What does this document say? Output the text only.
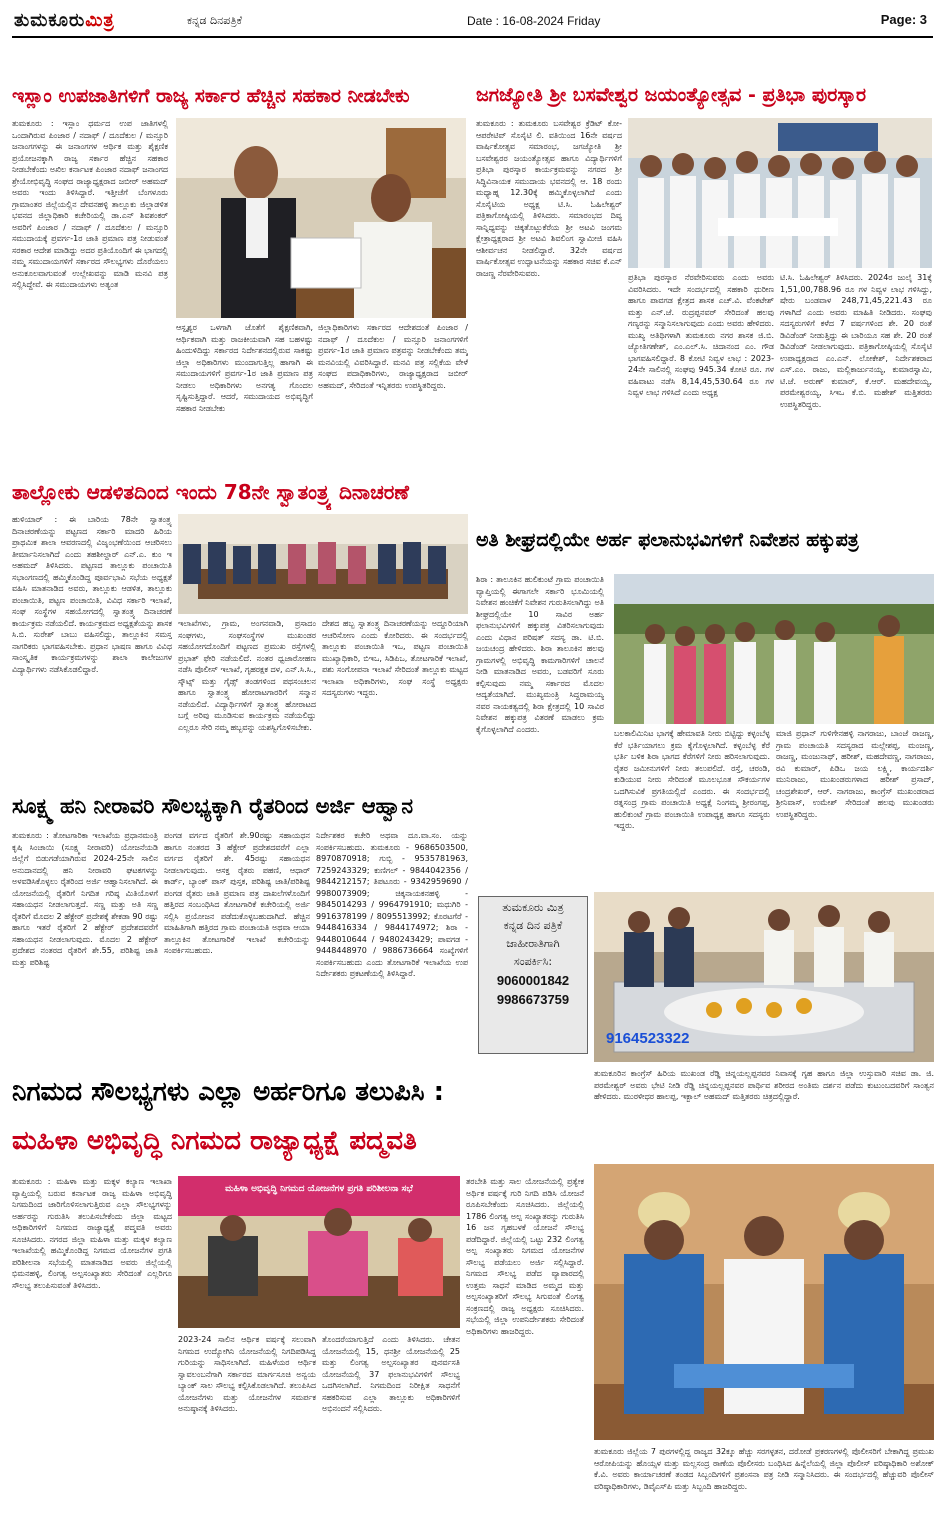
ತುಮಕೂರುಮಿತ್ರ	ಕನ್ನಡ ದಿನಪತ್ರಿಕೆ	Date : 16-08-2024 Friday	Page: 3
ಇಸ್ಲಾಂ ಉಪಜಾತಿಗಳಿಗೆ ರಾಜ್ಯ ಸರ್ಕಾರ ಹೆಚ್ಚಿನ ಸಹಕಾರ ನೀಡಬೇಕು
ತುಮಕೂರು : ಇಸ್ಲಾಂ ಧರ್ಮದ ಉಪ ಜಾತಿಗಳಲ್ಲಿ ಒಂದಾಗಿರುವ ಪಿಂಜಾರ / ನದಾಫ್ / ದೂದೆಕುಲ / ಮನ್ಸೂರಿ ಜನಾಂಗಗಳನ್ನು ಈ ಜನಾಂಗಗಳ ಆರ್ಥಿಕ ಮತ್ತು ಶೈಕ್ಷಣಿಕ ಪ್ರಯೋಜನಕ್ಕಾಗಿ ರಾಜ್ಯ ಸರ್ಕಾರ ಹೆಚ್ಚಿನ ಸಹಕಾರ ನೀಡಬೇಕೆಂದು ಅಖಿಲ ಕರ್ನಾಟಕ ಪಿಂಜಾರ ನದಾಫ್ ಜನಾಂಗದ ಶ್ರೇಯೋಭಿವೃದ್ಧಿ ಸಂಘದ ರಾಜ್ಯಾಧ್ಯಕ್ಷರಾದ ಜಬೀರ್ ಅಹಮದ್ ಅವರು ಇಂದು ತಿಳಿಸಿದ್ದಾರೆ. ಇತ್ತೀಚೆಗೆ ಬೆಂಗಳೂರು ಗ್ರಾಮಾಂತರ ಜಿಲ್ಲೆಯಲ್ಲಿನ ದೇವನಹಳ್ಳಿ ತಾಲ್ಲೂಕು ಜಿಲ್ಲಾಡಳಿತ ಭವನದ ಜಿಲ್ಲಾಧಿಕಾರಿ ಕಚೇರಿಯಲ್ಲಿ ಡಾ.ಎನ್ ಶಿವಶಂಕರ್ ಅವರಿಗೆ ಪಿಂಜಾರ / ನದಾಫ್ / ದೂದೆಕುಲ / ಮನ್ಸೂರಿ ಸಮುದಾಯಕ್ಕೆ ಪ್ರವರ್ಗ-1ರ ಜಾತಿ ಪ್ರಮಾಣ ಪತ್ರ ನೀಡುವಂತೆ ಸರಕಾರ ಆದೇಶ ಮಾಡಿದ್ದು ಅದರ ಪ್ರತಿಯೊಂದಿಗೆ ಈ ಭಾಗದಲ್ಲಿ ನಮ್ಮ ಸಮುದಾಯಗಳಿಗೆ ಸರ್ಕಾರದ ಸೌಲಭ್ಯಗಳು ದೊರೆಯಲು ಅನುಕೂಲವಾಗುವಂತೆ ಉಲ್ಲೇಖವನ್ನು ಮಾಡಿ ಮನವಿ ಪತ್ರ ಸಲ್ಲಿಸಿದ್ದೇವೆ. ಈ ಸಮುದಾಯಗಳು ಅತ್ಯಂತ
ಆಸ್ಪೃಶ್ಯರ ಒಳಗಾಗಿ ಜೊತೆಗೆ ಶೈಕ್ಷಣಿಕವಾಗಿ, ಆರ್ಥಿಕವಾಗಿ ಮತ್ತು ರಾಜಕೀಯವಾಗಿ ಸಹ ಬಹಳಷ್ಟು ಹಿಂದುಳಿದಿದ್ದು ಸರ್ಕಾರದ ನಿರ್ದೇಶನದಲ್ಲಿರುವ ಸಾಕಷ್ಟು ಜಿಲ್ಲಾ ಅಧಿಕಾರಿಗಳು ಮುಂದಾಗುತ್ತಿಲ್ಲ ಹಾಗಾಗಿ ಈ ಸಮುದಾಯಗಳಿಗೆ ಪ್ರವರ್ಗ-1ರ ಜಾತಿ ಪ್ರಮಾಣ ಪತ್ರ ನೀಡಲು ಅಧಿಕಾರಿಗಳು ಅನಗತ್ಯ ಗೊಂದಲ ಸೃಷ್ಟಿಸುತ್ತಿದ್ದಾರೆ. ಆದರೆ, ಸಮುದಾಯದ ಅಭಿವೃದ್ಧಿಗೆ ಸಹಕಾರ ನೀಡಬೇಕು
ಜಿಲ್ಲಾಧಿಕಾರಿಗಳು ಸರ್ಕಾರದ ಆದೇಶದಂತೆ ಪಿಂಜಾರ / ನದಾಫ್ / ದೂದೆಕುಲ / ಮನ್ಸೂರಿ ಜನಾಂಗಗಳಿಗೆ ಪ್ರವರ್ಗ-1ರ ಜಾತಿ ಪ್ರಮಾಣ ಪತ್ರವನ್ನು ನೀಡಬೇಕೆಂದು ತಮ್ಮ ಮನವಿಯಲ್ಲಿ ವಿವರಿಸಿದ್ದಾರೆ. ಮನವಿ ಪತ್ರ ಸಲ್ಲಿಕೆಯ ವೇಳೆ ಸಂಘದ ಪದಾಧಿಕಾರಿಗಳು, ರಾಜ್ಯಾಧ್ಯಕ್ಷರಾದ ಜಬೀರ್ ಅಹಮದ್, ಸೇರಿದಂತೆ ಇನ್ನಿತರರು ಉಪಸ್ಥಿತರಿದ್ದರು.
ಜಗಜ್ಯೋತಿ ಶ್ರೀ ಬಸವೇಶ್ವರ ಜಯಂತ್ಯೋತ್ಸವ - ಪ್ರತಿಭಾ ಪುರಸ್ಕಾರ
ತುಮಕೂರು : ತುಮಕೂರು ಬಸವೇಶ್ವರ ಕ್ರೆಡಿಟ್ ಕೋ-ಆಪರೇಟಿವ್ ಸೊಸೈಟಿ ಲಿ. ವತಿಯಿಂದ 16ನೇ ವರ್ಷದ ವಾರ್ಷಿಕೋತ್ಸವ ಸಮಾರಂಭ, ಜಗಜ್ಯೋತಿ ಶ್ರೀ ಬಸವೇಶ್ವರರ ಜಯಂತ್ಯೋತ್ಸವ ಹಾಗೂ ವಿದ್ಯಾರ್ಥಿಗಳಿಗೆ ಪ್ರತಿಭಾ ಪುರಸ್ಕಾರ ಕಾರ್ಯಕ್ರಮವನ್ನು ನಗರದ ಶ್ರೀ ಸಿದ್ಧಿವಿನಾಯಕ ಸಮುದಾಯ ಭವನದಲ್ಲಿ ಆ. 18 ರಂದು ಮಧ್ಯಾಹ್ನ 12.30ಕ್ಕೆ ಹಮ್ಮಿಕೊಳ್ಳಲಾಗಿದೆ ಎಂದು ಸೊಸೈಟಿಯ ಅಧ್ಯಕ್ಷ ಟಿ.ಸಿ. ಓಹಿಲೇಶ್ವರ್ ಪತ್ರಿಕಾಗೋಷ್ಠಿಯಲ್ಲಿ ತಿಳಿಸಿದರು. ಸಮಾರಂಭದ ದಿವ್ಯ ಸಾನ್ನಿಧ್ಯವನ್ನು ಚಿಕ್ಕತೊಟ್ಲುಕೆರೆಯ ಶ್ರೀ ಅಟವಿ ಜಂಗಮ ಕ್ಷೇತ್ರಾಧ್ಯಕ್ಷರಾದ ಶ್ರೀ ಅಟವಿ ಶಿವಲಿಂಗ ಸ್ವಾಮೀಜಿ ವಹಿಸಿ ಆಶೀರ್ವಚನ ನೀಡಲಿದ್ದಾರೆ. 32ನೇ ವರ್ಷದ ವಾರ್ಷಿಕೋತ್ಸವ ಉದ್ಘಾಟನೆಯನ್ನು ಸಹಕಾರ ಸಚಿವ ಕೆ.ಎನ್ ರಾಜಣ್ಣ ನೆರವೇರಿಸುವರು.	ಪ್ರತಿಭಾ ಪುರಸ್ಕಾರ ನೆರವೇರಿಸುವರು ಎಂದು ಅವರು ವಿವರಿಸಿದರು. ಇದೇ ಸಂದರ್ಭದಲ್ಲಿ ಸಹಕಾರಿ ಧುರೀಣ ಹಾಗೂ ಪಾವಗಡ ಕ್ಷೇತ್ರದ ಶಾಸಕ ಎಚ್.ವಿ. ವೆಂಕಟೇಶ್ ಮತ್ತು ಎನ್.ಜೆ. ರುದ್ರಪ್ಪನವರ್ ಸೇರಿದಂತೆ ಹಲವು ಗಣ್ಯರನ್ನು ಸನ್ಮಾನಿಸಲಾಗುವುದು ಎಂದು ಅವರು ಹೇಳಿದರು. ಮುಖ್ಯ ಅತಿಥಿಗಳಾಗಿ ತುಮಕೂರು ನಗರ ಶಾಸಕ ಜಿ.ಬಿ. ಜ್ಯೋತಿಗಣೇಶ್, ಎಂ.ಎಲ್.ಸಿ. ಚಿದಾನಂದ ಎಂ. ಗೌಡ ಭಾಗವಹಿಸಲಿದ್ದಾರೆ. 8 ಕೋಟಿ ನಿವ್ವಳ ಲಾಭ : 2023-24ನೇ ಸಾಲಿನಲ್ಲಿ ಸಂಘವು 945.34 ಕೋಟಿ ರೂ. ಗಳ ವಹಿವಾಟು ನಡೆಸಿ 8,14,45,530.64 ರೂ ಗಳ ನಿವ್ವಳ ಲಾಭ ಗಳಿಸಿದೆ ಎಂದು ಅಧ್ಯಕ್ಷ
ಟಿ.ಸಿ. ಓಹಿಲೇಶ್ವರ್ ತಿಳಿಸಿದರು. 2024ರ ಜುಲೈ 31ಕ್ಕೆ 1,51,00,788.96 ರೂ ಗಳ ನಿವ್ವಳ ಲಾಭ ಗಳಿಸಿದ್ದು, ಷೇರು ಬಂಡವಾಳ 248,71,45,221.43 ರೂ ಗಳಾಗಿದೆ ಎಂದು ಅವರು ಮಾಹಿತಿ ನೀಡಿದರು. ಸಂಘವು ಸದಸ್ಯರುಗಳಿಗೆ ಕಳೆದ 7 ವರ್ಷಗಳಿಂದ ಶೇ. 20 ರಂತೆ ಡಿವಿಡೆಂಡ್ ನೀಡುತ್ತಿದ್ದು ಈ ಬಾರಿಯೂ ಸಹ ಶೇ. 20 ರಂತೆ ಡಿವಿಡೆಂಡ್ ನೀಡಲಾಗುವುದು. ಪತ್ರಿಕಾಗೋಷ್ಠಿಯಲ್ಲಿ ಸೊಸೈಟಿ ಉಪಾಧ್ಯಕ್ಷರಾದ ಎಂ.ಎನ್. ಲೋಕೇಶ್, ನಿರ್ದೇಶಕರಾದ ಎಸ್.ಎಂ. ರಾಜು, ಮಲ್ಲಿಕಾರ್ಜುನಯ್ಯ, ಕುಮಾರಸ್ವಾಮಿ, ಟಿ.ಜೆ. ಅರುಣ್ ಕುಮಾರ್, ಕೆ.ಆರ್. ಮಹದೇವಯ್ಯ, ಪರಮೇಶ್ವರಯ್ಯ, ಸಿಇಒ ಕೆ.ಬಿ. ಮಹೇಶ್ ಮತ್ತಿತರರು ಉಪಸ್ಥಿತರಿದ್ದರು.
ತಾಲ್ಲೋಕು ಆಡಳಿತದಿಂದ ಇಂದು 78ನೇ ಸ್ವಾತಂತ್ರ್ಯ ದಿನಾಚರಣೆ
ಹುಳಿಯಾರ್ : ಈ ಬಾರಿಯ 78ನೇ ಸ್ವಾತಂತ್ರ್ಯ ದಿನಾಚರಣೆಯನ್ನು ಪಟ್ಟಣದ ಸರ್ಕಾರಿ ಮಾದರಿ ಹಿರಿಯ ಪ್ರಾಥಮಿಕ ಶಾಲಾ ಆವರಣದಲ್ಲಿ ವಿಜೃಂಭಣೆಯಿಂದ ಆಚರಿಸಲು ತೀರ್ಮಾನಿಸಲಾಗಿದೆ ಎಂದು ತಹಶೀಲ್ದಾರ್ ಎನ್.ಎ. ಕುಂ ಇ ಅಹಮದ್ ತಿಳಿಸಿದರು. ಪಟ್ಟಣದ ತಾಲ್ಲೂಕು ಪಂಚಾಯಿತಿ ಸಭಾಂಗಣದಲ್ಲಿ ಹಮ್ಮಿಕೊಂಡಿದ್ದ ಪೂರ್ವಭಾವಿ ಸಭೆಯ ಅಧ್ಯಕ್ಷತೆ ವಹಿಸಿ ಮಾತನಾಡಿದ ಅವರು, ತಾಲ್ಲೂಕು ಆಡಳಿತ, ತಾಲ್ಲೂಕು ಪಂಚಾಯಿತಿ, ಪಟ್ಟಣ ಪಂಚಾಯಿತಿ, ವಿವಿಧ ಸರ್ಕಾರಿ ಇಲಾಖೆ, ಸಂಘ ಸಂಸ್ಥೆಗಳ ಸಹಯೋಗದಲ್ಲಿ ಸ್ವಾತಂತ್ರ್ಯ ದಿನಾಚರಣೆ ಕಾರ್ಯಕ್ರಮ ನಡೆಯಲಿದೆ. ಕಾರ್ಯಕ್ರಮದ ಅಧ್ಯಕ್ಷತೆಯನ್ನು ಶಾಸಕ ಸಿ.ಬಿ. ಸುರೇಶ್ ಬಾಬು ವಹಿಸಲಿದ್ದು, ತಾಲ್ಲೂಕಿನ ಸಮಸ್ತ ನಾಗರಿಕರು ಭಾಗವಹಿಸಬೇಕು. ಪ್ರಧಾನ ಭಾಷಣ ಹಾಗೂ ವಿವಿಧ ಸಾಂಸ್ಕೃತಿಕ ಕಾರ್ಯಕ್ರಮಗಳನ್ನು ಶಾಲಾ ಕಾಲೇಜುಗಳ ವಿದ್ಯಾರ್ಥಿಗಳು ನಡೆಸಿಕೊಡಲಿದ್ದಾರೆ.
ಇಲಾಖೆಗಳು, ಗ್ರಾಮ, ಅಂಗನವಾಡಿ, ಪ್ರಸಾದಂ ಸಂಘಗಳು, ಸಂಘಸಂಸ್ಥೆಗಳ ಮುಖಂಡರ ಸಹಯೋಗದೊಂದಿಗೆ ಪಟ್ಟಣದ ಪ್ರಮುಖ ರಸ್ತೆಗಳಲ್ಲಿ ಪ್ರಭಾತ್ ಫೇರಿ ನಡೆಯಲಿದೆ. ನಂತರ ಧ್ವಜಾರೋಹಣ ನಡೆಸಿ ಪೊಲೀಸ್ ಇಲಾಖೆ, ಗೃಹರಕ್ಷಕ ದಳ, ಎನ್.ಸಿ.ಸಿ., ಸ್ಕೌಟ್ಸ್ ಮತ್ತು ಗೈಡ್ಸ್ ತಂಡಗಳಿಂದ ಪಥಸಂಚಲನ ಹಾಗೂ ಸ್ವಾತಂತ್ರ್ಯ ಹೋರಾಟಗಾರರಿಗೆ ಸನ್ಮಾನ ನಡೆಯಲಿದೆ. ವಿದ್ಯಾರ್ಥಿಗಳಿಗೆ ಸ್ವಾತಂತ್ರ್ಯ ಹೋರಾಟದ ಬಗ್ಗೆ ಅರಿವು ಮೂಡಿಸುವ ಕಾರ್ಯಕ್ರಮ ನಡೆಯಲಿದ್ದು ಎಲ್ಲರೂ ಸೇರಿ ನಮ್ಮ ಹಬ್ಬವನ್ನು ಯಶಸ್ವಿಗೊಳಿಸಬೇಕು.
ದೇಶದ ಹಬ್ಬ ಸ್ವಾತಂತ್ರ್ಯ ದಿನಾಚರಣೆಯನ್ನು ಅದ್ದೂರಿಯಾಗಿ ಆಚರಿಸೋಣ ಎಂದು ಕೋರಿದರು. ಈ ಸಂದರ್ಭದಲ್ಲಿ ತಾಲ್ಲೂಕು ಪಂಚಾಯಿತಿ ಇಒ, ಪಟ್ಟಣ ಪಂಚಾಯಿತಿ ಮುಖ್ಯಾಧಿಕಾರಿ, ಬಿಇಒ, ಸಿಡಿಪಿಒ, ತೋಟಗಾರಿಕೆ ಇಲಾಖೆ, ಪಶು ಸಂಗೋಪನಾ ಇಲಾಖೆ ಸೇರಿದಂತೆ ತಾಲ್ಲೂಕು ಮಟ್ಟದ ಇಲಾಖಾ ಅಧಿಕಾರಿಗಳು, ಸಂಘ ಸಂಸ್ಥೆ ಅಧ್ಯಕ್ಷರು ಸದಸ್ಯರುಗಳು ಇದ್ದರು.
ಅತಿ ಶೀಘ್ರದಲ್ಲಿಯೇ ಅರ್ಹ ಫಲಾನುಭವಿಗಳಿಗೆ ನಿವೇಶನ ಹಕ್ಕುಪತ್ರ
ಶಿರಾ : ತಾಲೂಕಿನ ಹುಲಿಕುಂಟೆ ಗ್ರಾಮ ಪಂಚಾಯಿತಿ ವ್ಯಾಪ್ತಿಯಲ್ಲಿ ಈಗಾಗಲೇ ಸರ್ಕಾರಿ ಭೂಮಿಯಲ್ಲಿ ನಿವೇಶನ ಹಂಚಿಕೆಗೆ ನಿವೇಶನ ಗುರುತಿಸಲಾಗಿದ್ದು ಅತಿ ಶೀಘ್ರದಲ್ಲಿಯೇ 10 ಸಾವಿರ ಅರ್ಹ ಫಲಾನುಭವಿಗಳಿಗೆ ಹಕ್ಕುಪತ್ರ ವಿತರಿಸಲಾಗುವುದು ಎಂದು ವಿಧಾನ ಪರಿಷತ್ ಸದಸ್ಯ ಡಾ. ಟಿ.ಬಿ. ಜಯಚಂದ್ರ ಹೇಳಿದರು. ಶಿರಾ ತಾಲೂಕಿನ ಹಲವು ಗ್ರಾಮಗಳಲ್ಲಿ ಅಭಿವೃದ್ಧಿ ಕಾಮಗಾರಿಗಳಿಗೆ ಚಾಲನೆ ನೀಡಿ ಮಾತನಾಡಿದ ಅವರು, ಬಡವರಿಗೆ ಸೂರು ಕಲ್ಪಿಸುವುದು ನಮ್ಮ ಸರ್ಕಾರದ ಮೊದಲ ಆದ್ಯತೆಯಾಗಿದೆ. ಮುಖ್ಯಮಂತ್ರಿ ಸಿದ್ದರಾಮಯ್ಯ ನವರ ನಾಯಕತ್ವದಲ್ಲಿ ಶಿರಾ ಕ್ಷೇತ್ರದಲ್ಲಿ 10 ಸಾವಿರ ನಿವೇಶನ ಹಕ್ಕುಪತ್ರ ವಿತರಣೆ ಮಾಡಲು ಕ್ರಮ ಕೈಗೊಳ್ಳಲಾಗಿದೆ ಎಂದರು.	ಬಲಕಾಲಿಮಿನಿಟ ಭಾಗಕ್ಕೆ ಹೇಮಾವತಿ ನೀರು ಬಿಟ್ಟಿದ್ದು ಕಳ್ಳಂಬೆಳ್ಳ ಕೆರೆ ಭರ್ತಿಯಾಗಲು ಕ್ರಮ ಕೈಗೊಳ್ಳಲಾಗಿದೆ. ಕಳ್ಳಂಬೆಳ್ಳ ಕೆರೆ ಭರ್ತಿ ಬಳಿಕ ಶಿರಾ ಭಾಗದ ಕೆರೆಗಳಿಗೆ ನೀರು ಹರಿಸಲಾಗುವುದು. ರೈತರ ಜಮೀನುಗಳಿಗೆ ನೀರು ತಲುಪಲಿದೆ. ರಸ್ತೆ, ಚರಂಡಿ, ಕುಡಿಯುವ ನೀರು ಸೇರಿದಂತೆ ಮೂಲಭೂತ ಸೌಕರ್ಯಗಳ ಒದಗಿಸುವಿಕೆ ಪ್ರಗತಿಯಲ್ಲಿದೆ ಎಂದರು. ಈ ಸಂದರ್ಭದಲ್ಲಿ ರತ್ನಸಂದ್ರ ಗ್ರಾಮ ಪಂಚಾಯಿತಿ ಅಧ್ಯಕ್ಷೆ ನಿಂಗಮ್ಮ ಶ್ರೀರಂಗಪ್ಪ, ಹುಲಿಕುಂಟೆ ಗ್ರಾಮ ಪಂಚಾಯಿತಿ ಉಪಾಧ್ಯಕ್ಷ ಹಾಗೂ ಸದಸ್ಯರು ಇದ್ದರು.
ಮಾಜಿ ಪ್ರಧಾನ್ ಗುಳಿಗೇನಹಳ್ಳಿ ನಾಗರಾಜು, ಬಾಂಜೆ ರಾಜಣ್ಣ, ಗ್ರಾಮ ಪಂಚಾಯತಿ ಸದಸ್ಯರಾದ ಮಲ್ಲೇಶಪ್ಪ, ಮಂಜಣ್ಣ, ರಾಜಣ್ಣ, ಮಂಜುನಾಥ್, ಹರೀಶ್, ಮಹದೇವಣ್ಣ, ನಾಗರಾಜು, ರವಿ ಕುಮಾರ್, ಪಿಡಿಒ ಜಯ ಲಕ್ಷ್ಮಿ, ಕಾರ್ಯದರ್ಶಿ ಮುನಿರಾಜು, ಮುಖಂಡರುಗಳಾದ ಹರೀಶ್ ಪ್ರಸಾದ್, ಚಂದ್ರಶೇಖರ್, ಆರ್. ನಾಗರಾಜು, ಕಾಂಗ್ರೆಸ್ ಮುಖಂಡರಾದ ಶ್ರೀನಿವಾಸ್, ಉಮೇಶ್ ಸೇರಿದಂತೆ ಹಲವು ಮುಖಂಡರು ಉಪಸ್ಥಿತರಿದ್ದರು.
ಸೂಕ್ಷ್ಮ ಹನಿ ನೀರಾವರಿ ಸೌಲಭ್ಯಕ್ಕಾಗಿ ರೈತರಿಂದ ಅರ್ಜಿ ಆಹ್ವಾನ
ತುಮಕೂರು : ತೋಟಗಾರಿಕಾ ಇಲಾಖೆಯ ಪ್ರಧಾನಮಂತ್ರಿ ಕೃಷಿ ಸಿಂಚಾಯಿ (ಸೂಕ್ಷ್ಮ ನೀರಾವರಿ) ಯೋಜನೆಯಡಿ ಜಿಲ್ಲೆಗೆ ಬಿಡುಗಡೆಯಾಗಿರುವ 2024-25ನೇ ಸಾಲಿನ ಅನುದಾನದಲ್ಲಿ ಹನಿ ನೀರಾವರಿ ಘಟಕಗಳನ್ನು ಅಳವಡಿಸಿಕೊಳ್ಳಲು ರೈತರಿಂದ ಅರ್ಜಿ ಆಹ್ವಾನಿಸಲಾಗಿದೆ. ಈ ಯೋಜನೆಯಲ್ಲಿ ರೈತರಿಗೆ ನಿಗದಿತ ಗರಿಷ್ಠ ಮಿತಿಯೊಳಗೆ ಸಹಾಯಧನ ನೀಡಲಾಗುತ್ತದೆ. ಸಣ್ಣ ಮತ್ತು ಅತಿ ಸಣ್ಣ ರೈತರಿಗೆ ಮೊದಲ 2 ಹೆಕ್ಟೇರ್ ಪ್ರದೇಶಕ್ಕೆ ಶೇಕಡಾ 90 ರಷ್ಟು ಹಾಗೂ ಇತರೆ ರೈತರಿಗೆ 2 ಹೆಕ್ಟೇರ್ ಪ್ರದೇಶದವರೆಗೆ ಸಹಾಯಧನ ನೀಡಲಾಗುವುದು. ಮೊದಲ 2 ಹೆಕ್ಟೇರ್ ಪ್ರದೇಶದ ನಂತರದ ರೈತರಿಗೆ ಶೇ.55, ಪರಿಶಿಷ್ಟ ಜಾತಿ ಮತ್ತು ಪರಿಶಿಷ್ಟ
ಪಂಗಡ ವರ್ಗದ ರೈತರಿಗೆ ಶೇ.90ರಷ್ಟು ಸಹಾಯಧನ ಹಾಗೂ ನಂತರದ 3 ಹೆಕ್ಟೇರ್ ಪ್ರದೇಶದವರೆಗೆ ಎಲ್ಲಾ ವರ್ಗದ ರೈತರಿಗೆ ಶೇ. 45ರಷ್ಟು ಸಹಾಯಧನ ನೀಡಲಾಗುವುದು. ಆಸಕ್ತ ರೈತರು ಪಹಣಿ, ಆಧಾರ್ ಕಾರ್ಡ್, ಬ್ಯಾಂಕ್ ಪಾಸ್ ಪುಸ್ತಕ, ಪರಿಶಿಷ್ಟ ಜಾತಿ/ಪರಿಶಿಷ್ಟ ಪಂಗಡ ರೈತರು ಜಾತಿ ಪ್ರಮಾಣ ಪತ್ರ ದಾಖಲೆಗಳೊಂದಿಗೆ ಹತ್ತಿರದ ಸಂಬಂಧಿಸಿದ ತೋಟಗಾರಿಕೆ ಕಚೇರಿಯಲ್ಲಿ ಅರ್ಜಿ ಸಲ್ಲಿಸಿ ಪ್ರಯೋಜನ ಪಡೆದುಕೊಳ್ಳಬಹುದಾಗಿದೆ. ಹೆಚ್ಚಿನ ಮಾಹಿತಿಗಾಗಿ ಹತ್ತಿರದ ಗ್ರಾಮ ಪಂಚಾಯತಿ ಅಥವಾ ಆಯಾ ತಾಲ್ಲೂಕಿನ ತೋಟಗಾರಿಕೆ ಇಲಾಖೆ ಕಚೇರಿಯನ್ನು ಸಂಪರ್ಕಿಸಬಹುದು.
ನಿರ್ದೇಶಕರ ಕಚೇರಿ ಅಥವಾ ದೂ.ವಾ.ಸಂ. ಯನ್ನು ಸಂಪರ್ಕಿಸಬಹುದು. ತುಮಕೂರು - 9686503500, 8970870918; ಗುಬ್ಬಿ - 9535781963, 7259243329; ಕುಣಿಗಲ್ - 9844042356 / 9844212157; ತಿಪಟೂರು - 9342959690 / 9980073909; ಚಿಕ್ಕನಾಯಕನಹಳ್ಳಿ - 9845014293 / 9964791910; ಮಧುಗಿರಿ - 9916378199 / 8095513992; ಕೊರಟಗೆರೆ - 9448416334 / 9844174972; ಶಿರಾ - 9448010644 / 9480243429; ಪಾವಗಡ - 9448448970 / 9886736664 ಸಂಖ್ಯೆಗಳಿಗೆ ಸಂಪರ್ಕಿಸಬಹುದು ಎಂದು ತೋಟಗಾರಿಕೆ ಇಲಾಖೆಯ ಉಪ ನಿರ್ದೇಶಕರು ಪ್ರಕಟಣೆಯಲ್ಲಿ ತಿಳಿಸಿದ್ದಾರೆ.
ತುಮಕೂರು ಮಿತ್ರ
ಕನ್ನಡ ದಿನ ಪತ್ರಿಕೆ
ಜಾಹೀರಾತಿಗಾಗಿ
ಸಂಪರ್ಕಿಸಿ:
9060001842
9986673759
9164523322
ತುಮಕೂರಿನ ಕಾಂಗ್ರೆಸ್ ಹಿರಿಯ ಮುಖಂಡ ರೆಡ್ಡಿ ಚಿನ್ನಯಲ್ಲಪ್ಪನವರ ನಿವಾಸಕ್ಕೆ ಗೃಹ ಹಾಗೂ ಜಿಲ್ಲಾ ಉಸ್ತುವಾರಿ ಸಚಿವ ಡಾ. ಜಿ. ಪರಮೇಶ್ವರ್ ಅವರು ಭೇಟಿ ನೀಡಿ ರೆಡ್ಡಿ ಚಿನ್ನಯಲ್ಲಪ್ಪನವರ ಪಾರ್ಥಿವ ಶರೀರದ ಅಂತಿಮ ದರ್ಶನ ಪಡೆದು ಕುಟುಂಬದವರಿಗೆ ಸಾಂತ್ವನ ಹೇಳಿದರು. ಮುರಳೀಧರ ಹಾಲಪ್ಪ, ಇಕ್ಬಾಲ್ ಅಹಮದ್ ಮತ್ತಿತರರು ಚಿತ್ರದಲ್ಲಿದ್ದಾರೆ.
ನಿಗಮದ ಸೌಲಭ್ಯಗಳು ಎಲ್ಲಾ ಅರ್ಹರಿಗೂ ತಲುಪಿಸಿ :
ಮಹಿಳಾ ಅಭಿವೃದ್ಧಿ ನಿಗಮದ ರಾಜ್ಯಾಧ್ಯಕ್ಷೆ ಪದ್ಮವತಿ
ತುಮಕೂರು : ಮಹಿಳಾ ಮತ್ತು ಮಕ್ಕಳ ಕಲ್ಯಾಣ ಇಲಾಖಾ ವ್ಯಾಪ್ತಿಯಲ್ಲಿ ಬರುವ ಕರ್ನಾಟಕ ರಾಜ್ಯ ಮಹಿಳಾ ಅಭಿವೃದ್ಧಿ ನಿಗಮದಿಂದ ಜಾರಿಗೊಳಿಸಲಾಗುತ್ತಿರುವ ಎಲ್ಲಾ ಸೌಲಭ್ಯಗಳನ್ನು ಅರ್ಹರನ್ನು ಗುರುತಿಸಿ ತಲುಪಿಸಬೇಕೆಂದು ಜಿಲ್ಲಾ ಮಟ್ಟದ ಅಧಿಕಾರಿಗಳಿಗೆ ನಿಗಮದ ರಾಜ್ಯಾಧ್ಯಕ್ಷೆ ಪದ್ಮವತಿ ಅವರು ಸೂಚಿಸಿದರು. ನಗರದ ಜಿಲ್ಲಾ ಮಹಿಳಾ ಮತ್ತು ಮಕ್ಕಳ ಕಲ್ಯಾಣ ಇಲಾಖೆಯಲ್ಲಿ ಹಮ್ಮಿಕೊಂಡಿದ್ದ ನಿಗಮದ ಯೋಜನೆಗಳ ಪ್ರಗತಿ ಪರಿಶೀಲನಾ ಸಭೆಯಲ್ಲಿ ಮಾತನಾಡಿದ ಅವರು ಜಿಲ್ಲೆಯಲ್ಲಿ ಭಿಮನಹಳ್ಳಿ, ಲಿಂಗತ್ವ ಅಲ್ಪಸಂಖ್ಯಾತರು ಸೇರಿದಂತೆ ಎಲ್ಲರಿಗೂ ಸೌಲಭ್ಯ ತಲುಪಿಸುವಂತೆ ತಿಳಿಸಿದರು.
ಮಹಿಳಾ ಅಭಿವೃದ್ಧಿ ನಿಗಮದ ಯೋಜನೆಗಳ ಪ್ರಗತಿ ಪರಿಶೀಲನಾ ಸಭೆ
2023-24 ಸಾಲಿನ ಆರ್ಥಿಕ ವರ್ಷಕ್ಕೆ ಸಲುವಾಗಿ ನಿಗಮದ ಉದ್ಯೋಗಿನಿ ಯೋಜನೆಯಲ್ಲಿ ನಿಗದಿಪಡಿಸಿದ್ದ ಗುರಿಯನ್ನು ಸಾಧಿಸಲಾಗಿದೆ. ಮಹಿಳೆಯರ ಆರ್ಥಿಕ ಸ್ವಾವಲಂಬನೆಗಾಗಿ ಸರ್ಕಾರದ ಮಾರ್ಗಸೂಚಿ ಅನ್ವಯ ಬ್ಯಾಂಕ್ ಸಾಲ ಸೌಲಭ್ಯ ಕಲ್ಪಿಸಿಕೊಡಲಾಗಿದೆ. ತಲುಪಿಸಿದ ಯೋಜನೆಗಳು ಮತ್ತು ಯೋಜನೆಗಳ ಸಮರ್ಪಕ ಅನುಷ್ಠಾನಕ್ಕೆ ತಿಳಿಸಿದರು.
ತೊಂದರೆಯಾಗುತ್ತಿದೆ ಎಂದು ತಿಳಿಸಿದರು. ಚೇತನ ಯೋಜನೆಯಲ್ಲಿ 15, ಧನಶ್ರೀ ಯೋಜನೆಯಲ್ಲಿ 25 ಮತ್ತು ಲಿಂಗತ್ವ ಅಲ್ಪಸಂಖ್ಯಾತರ ಪುನರ್ವಸತಿ ಯೋಜನೆಯಲ್ಲಿ 37 ಫಲಾನುಭವಿಗಳಿಗೆ ಸೌಲಭ್ಯ ಒದಗಿಸಲಾಗಿದೆ. ನಿಗಮದಿಂದ ನಿರೀಕ್ಷಿತ ಸಾಧನೆಗೆ ಸಹಕರಿಸುವ ಎಲ್ಲಾ ತಾಲ್ಲೂಕು ಅಧಿಕಾರಿಗಳಿಗೆ ಅಭಿನಂದನೆ ಸಲ್ಲಿಸಿದರು.
ತರಬೇತಿ ಮತ್ತು ಸಾಲ ಯೋಜನೆಯಲ್ಲಿ ಪ್ರತ್ಯೇಕ ಅರ್ಥಿಕ ವರ್ಷಕ್ಕೆ ಗುರಿ ನಿಗದಿ ಪಡಿಸಿ ಯೋಜನೆ ರೂಪಿಸಬೇಕೆಂದು ಸೂಚಿಸಿದರು. ಜಿಲ್ಲೆಯಲ್ಲಿ 1786 ಲಿಂಗತ್ವ ಅಲ್ಪ ಸಂಖ್ಯಾತರನ್ನು ಗುರುತಿಸಿ 16 ಜನ ಗೃಹಬಳಕೆ ಯೋಜನೆ ಸೌಲಭ್ಯ ಪಡೆದಿದ್ದಾರೆ. ಜಿಲ್ಲೆಯಲ್ಲಿ ಒಟ್ಟು 232 ಲಿಂಗತ್ವ ಅಲ್ಪ ಸಂಖ್ಯಾತರು ನಿಗಮದ ಯೋಜನೆಗಳ ಸೌಲಭ್ಯ ಪಡೆಯಲು ಅರ್ಜಿ ಸಲ್ಲಿಸಿದ್ದಾರೆ. ನಿಗಮದ ಸೌಲಭ್ಯ ಪಡೆದ ವ್ಯಾಪಾರದಲ್ಲಿ ಉತ್ತಮ ಸಾಧನೆ ಮಾಡಿದ ಅಮ್ಮದ ಮತ್ತು ಅಲ್ಪಸಂಖ್ಯಾತರಿಗೆ ಸೌಲಭ್ಯ ಸಿಗುವಂತೆ ಲಿಂಗತ್ವ ಸಂಕ್ರಣದಲ್ಲಿ ರಾಜ್ಯ ಅಧ್ಯಕ್ಷರು ಸೂಚಿಸಿದರು. ಸಭೆಯಲ್ಲಿ ಜಿಲ್ಲಾ ಉಪನಿರ್ದೇಶಕರು ಸೇರಿದಂತೆ ಅಧಿಕಾರಿಗಳು ಹಾಜರಿದ್ದರು.
ತುಮಕೂರು ಜಿಲ್ಲೆಯ 7 ಪುರಗಳಲ್ಲಿದ್ದ ರಾಜ್ಯದ 32ಕ್ಕೂ ಹೆಚ್ಚು ಸರಗಳ್ಳತನ, ದರೋಡೆ ಪ್ರಕರಣಗಳಲ್ಲಿ ಪೊಲೀಸರಿಗೆ ಬೇಕಾಗಿದ್ದ ಪ್ರಮುಖ ಆರೋಪಿಯನ್ನು ಹೊಯ್ಸಳ ಮತ್ತು ಮಲ್ಲಸಂದ್ರ ಠಾಣೆಯ ಪೊಲೀಸರು ಬಂಧಿಸಿದ ಹಿನ್ನೆಲೆಯಲ್ಲಿ ಜಿಲ್ಲಾ ಪೊಲೀಸ್ ವರಿಷ್ಠಾಧಿಕಾರಿ ಅಶೋಕ್ ಕೆ.ವಿ. ಅವರು ಕಾರ್ಯಾಚರಣೆ ತಂಡದ ಸಿಬ್ಬಂದಿಗಳಿಗೆ ಪ್ರಶಂಸನಾ ಪತ್ರ ನೀಡಿ ಸನ್ಮಾನಿಸಿದರು. ಈ ಸಂದರ್ಭದಲ್ಲಿ ಹೆಚ್ಚುವರಿ ಪೊಲೀಸ್ ವರಿಷ್ಠಾಧಿಕಾರಿಗಳು, ಡಿವೈಎಸ್‌ಪಿ ಮತ್ತು ಸಿಬ್ಬಂದಿ ಹಾಜರಿದ್ದರು.
